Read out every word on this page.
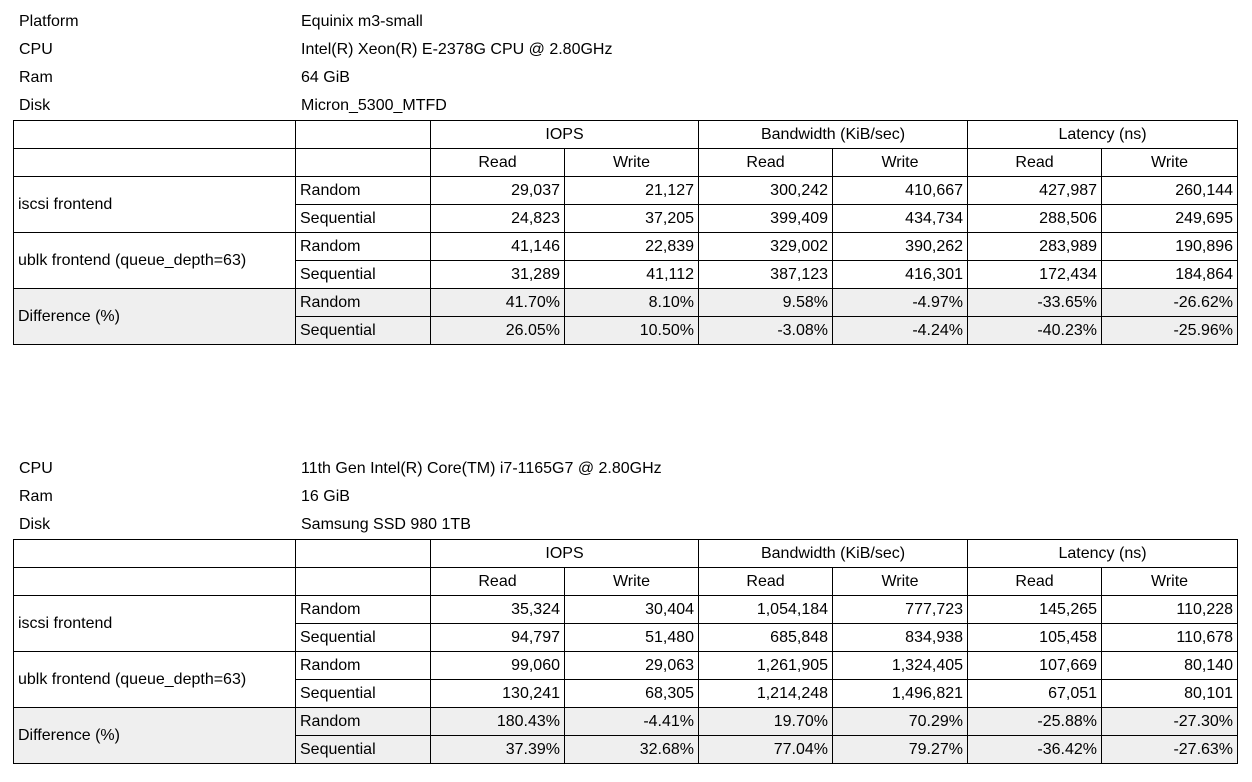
Platform	Equinix m3-small
CPU	Intel(R) Xeon(R) E-2378G CPU @ 2.80GHz
Ram	64 GiB
Disk	Micron_5300_MTFD
		IOPS		Bandwidth (KiB/sec)		Latency (ns)	
		Read	Write	Read	Write	Read	Write
iscsi frontend	Random	29,037	21,127	300,242	410,667	427,987	260,144
	Sequential	24,823	37,205	399,409	434,734	288,506	249,695
ublk frontend (queue_depth=63)	Random	41,146	22,839	329,002	390,262	283,989	190,896
	Sequential	31,289	41,112	387,123	416,301	172,434	184,864
Difference (%)	Random	41.70%	8.10%	9.58%	-4.97%	-33.65%	-26.62%
	Sequential	26.05%	10.50%	-3.08%	-4.24%	-40.23%	-25.96%
CPU	11th Gen Intel(R) Core(TM) i7-1165G7 @ 2.80GHz
Ram	16 GiB
Disk	Samsung SSD 980 1TB
		IOPS		Bandwidth (KiB/sec)		Latency (ns)	
		Read	Write	Read	Write	Read	Write
iscsi frontend	Random	35,324	30,404	1,054,184	777,723	145,265	110,228
	Sequential	94,797	51,480	685,848	834,938	105,458	110,678
ublk frontend (queue_depth=63)	Random	99,060	29,063	1,261,905	1,324,405	107,669	80,140
	Sequential	130,241	68,305	1,214,248	1,496,821	67,051	80,101
Difference (%)	Random	180.43%	-4.41%	19.70%	70.29%	-25.88%	-27.30%
	Sequential	37.39%	32.68%	77.04%	79.27%	-36.42%	-27.63%
